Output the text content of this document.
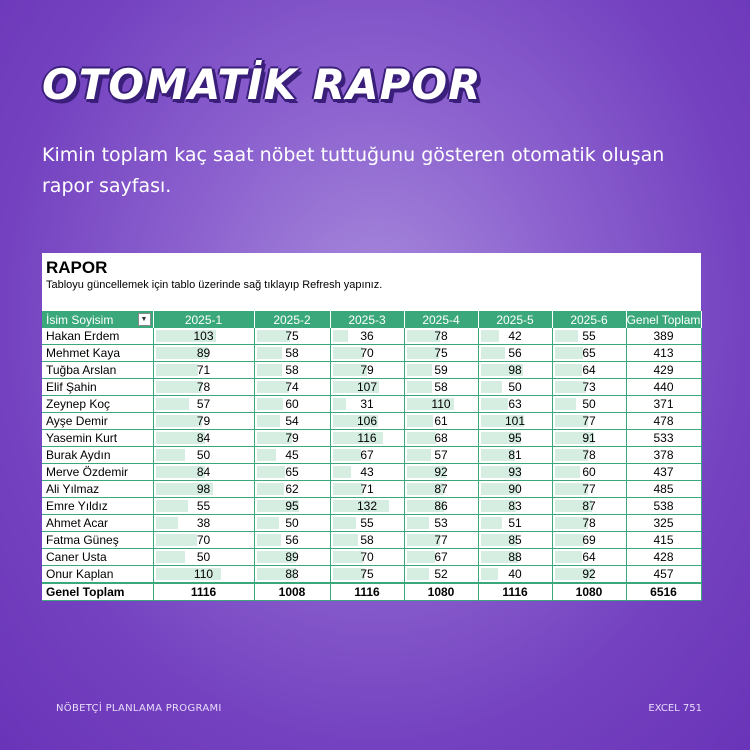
OTOMATİK RAPOR

Kimin toplam kaç saat nöbet tuttuğunu gösteren otomatik oluşan rapor sayfası.

RAPOR
Tabloyu güncellemek için tablo üzerinde sağ tıklayıp Refresh yapınız.
İsim Soyisim ▼	2025-1	2025-2	2025-3	2025-4	2025-5	2025-6	Genel Toplam
Hakan Erdem	103	75	36	78	42	55	389
Mehmet Kaya	89	58	70	75	56	65	413
Tuğba Arslan	71	58	79	59	98	64	429
Elif Şahin	78	74	107	58	50	73	440
Zeynep Koç	57	60	31	110	63	50	371
Ayşe Demir	79	54	106	61	101	77	478
Yasemin Kurt	84	79	116	68	95	91	533
Burak Aydın	50	45	67	57	81	78	378
Merve Özdemir	84	65	43	92	93	60	437
Ali Yılmaz	98	62	71	87	90	77	485
Emre Yıldız	55	95	132	86	83	87	538
Ahmet Acar	38	50	55	53	51	78	325
Fatma Güneş	70	56	58	77	85	69	415
Caner Usta	50	89	70	67	88	64	428
Onur Kaplan	110	88	75	52	40	92	457
Genel Toplam	1116	1008	1116	1080	1116	1080	6516
NÖBETÇİ PLANLAMA PROGRAMI	EXCEL 751
